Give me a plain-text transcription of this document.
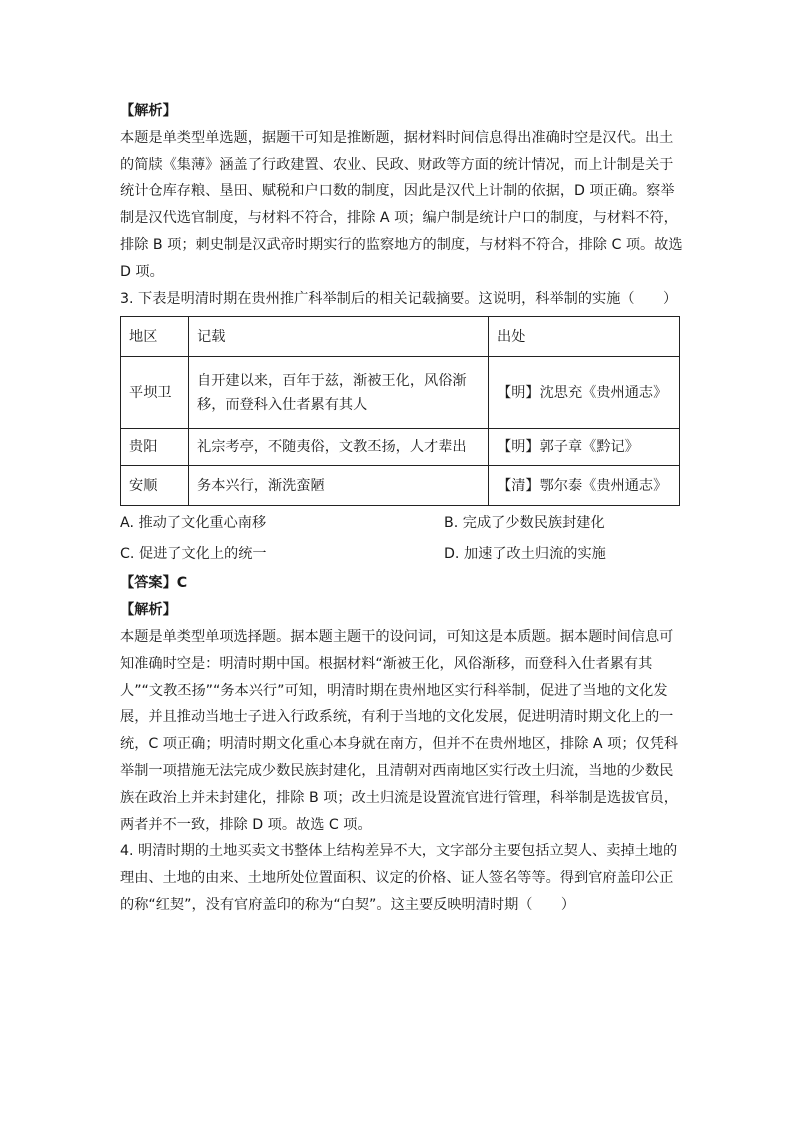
【解析】

本题是单类型单选题，据题干可知是推断题，据材料时间信息得出准确时空是汉代。出土

的简牍《集薄》涵盖了行政建置、农业、民政、财政等方面的统计情况，而上计制是关于

统计仓库存粮、垦田、赋税和户口数的制度，因此是汉代上计制的依据，D 项正确。察举

制是汉代选官制度，与材料不符合，排除 A 项；编户制是统计户口的制度，与材料不符，

排除 B 项；刺史制是汉武帝时期实行的监察地方的制度，与材料不符合，排除 C 项。故选

D 项。

3. 下表是明清时期在贵州推广科举制后的相关记载摘要。这说明，科举制的实施（　　）

地区	记载	出处
平坝卫	自开建以来，百年于兹，渐被王化，风俗渐
移，而登科入仕者累有其人	【明】沈思充《贵州通志》
贵阳	礼宗考亭，不随夷俗，文教丕扬，人才辈出	【明】郭子章《黔记》
安顺	务本兴行，渐洗蛮陋	【清】鄂尔泰《贵州通志》
A. 推动了文化重心南移	B. 完成了少数民族封建化
C. 促进了文化上的统一	D. 加速了改土归流的实施

【答案】C

【解析】

本题是单类型单项选择题。据本题主题干的设问词，可知这是本质题。据本题时间信息可

知准确时空是：明清时期中国。根据材料“渐被王化，风俗渐移，而登科入仕者累有其

人”“文教丕扬”“务本兴行”可知，明清时期在贵州地区实行科举制，促进了当地的文化发

展，并且推动当地士子进入行政系统，有利于当地的文化发展，促进明清时期文化上的一

统，C 项正确；明清时期文化重心本身就在南方，但并不在贵州地区，排除 A 项；仅凭科

举制一项措施无法完成少数民族封建化，且清朝对西南地区实行改土归流，当地的少数民

族在政治上并未封建化，排除 B 项；改土归流是设置流官进行管理，科举制是选拔官员，

两者并不一致，排除 D 项。故选 C 项。

4. 明清时期的土地买卖文书整体上结构差异不大，文字部分主要包括立契人、卖掉土地的

理由、土地的由来、土地所处位置面积、议定的价格、证人签名等等。得到官府盖印公正

的称“红契”，没有官府盖印的称为“白契”。这主要反映明清时期（　　）
